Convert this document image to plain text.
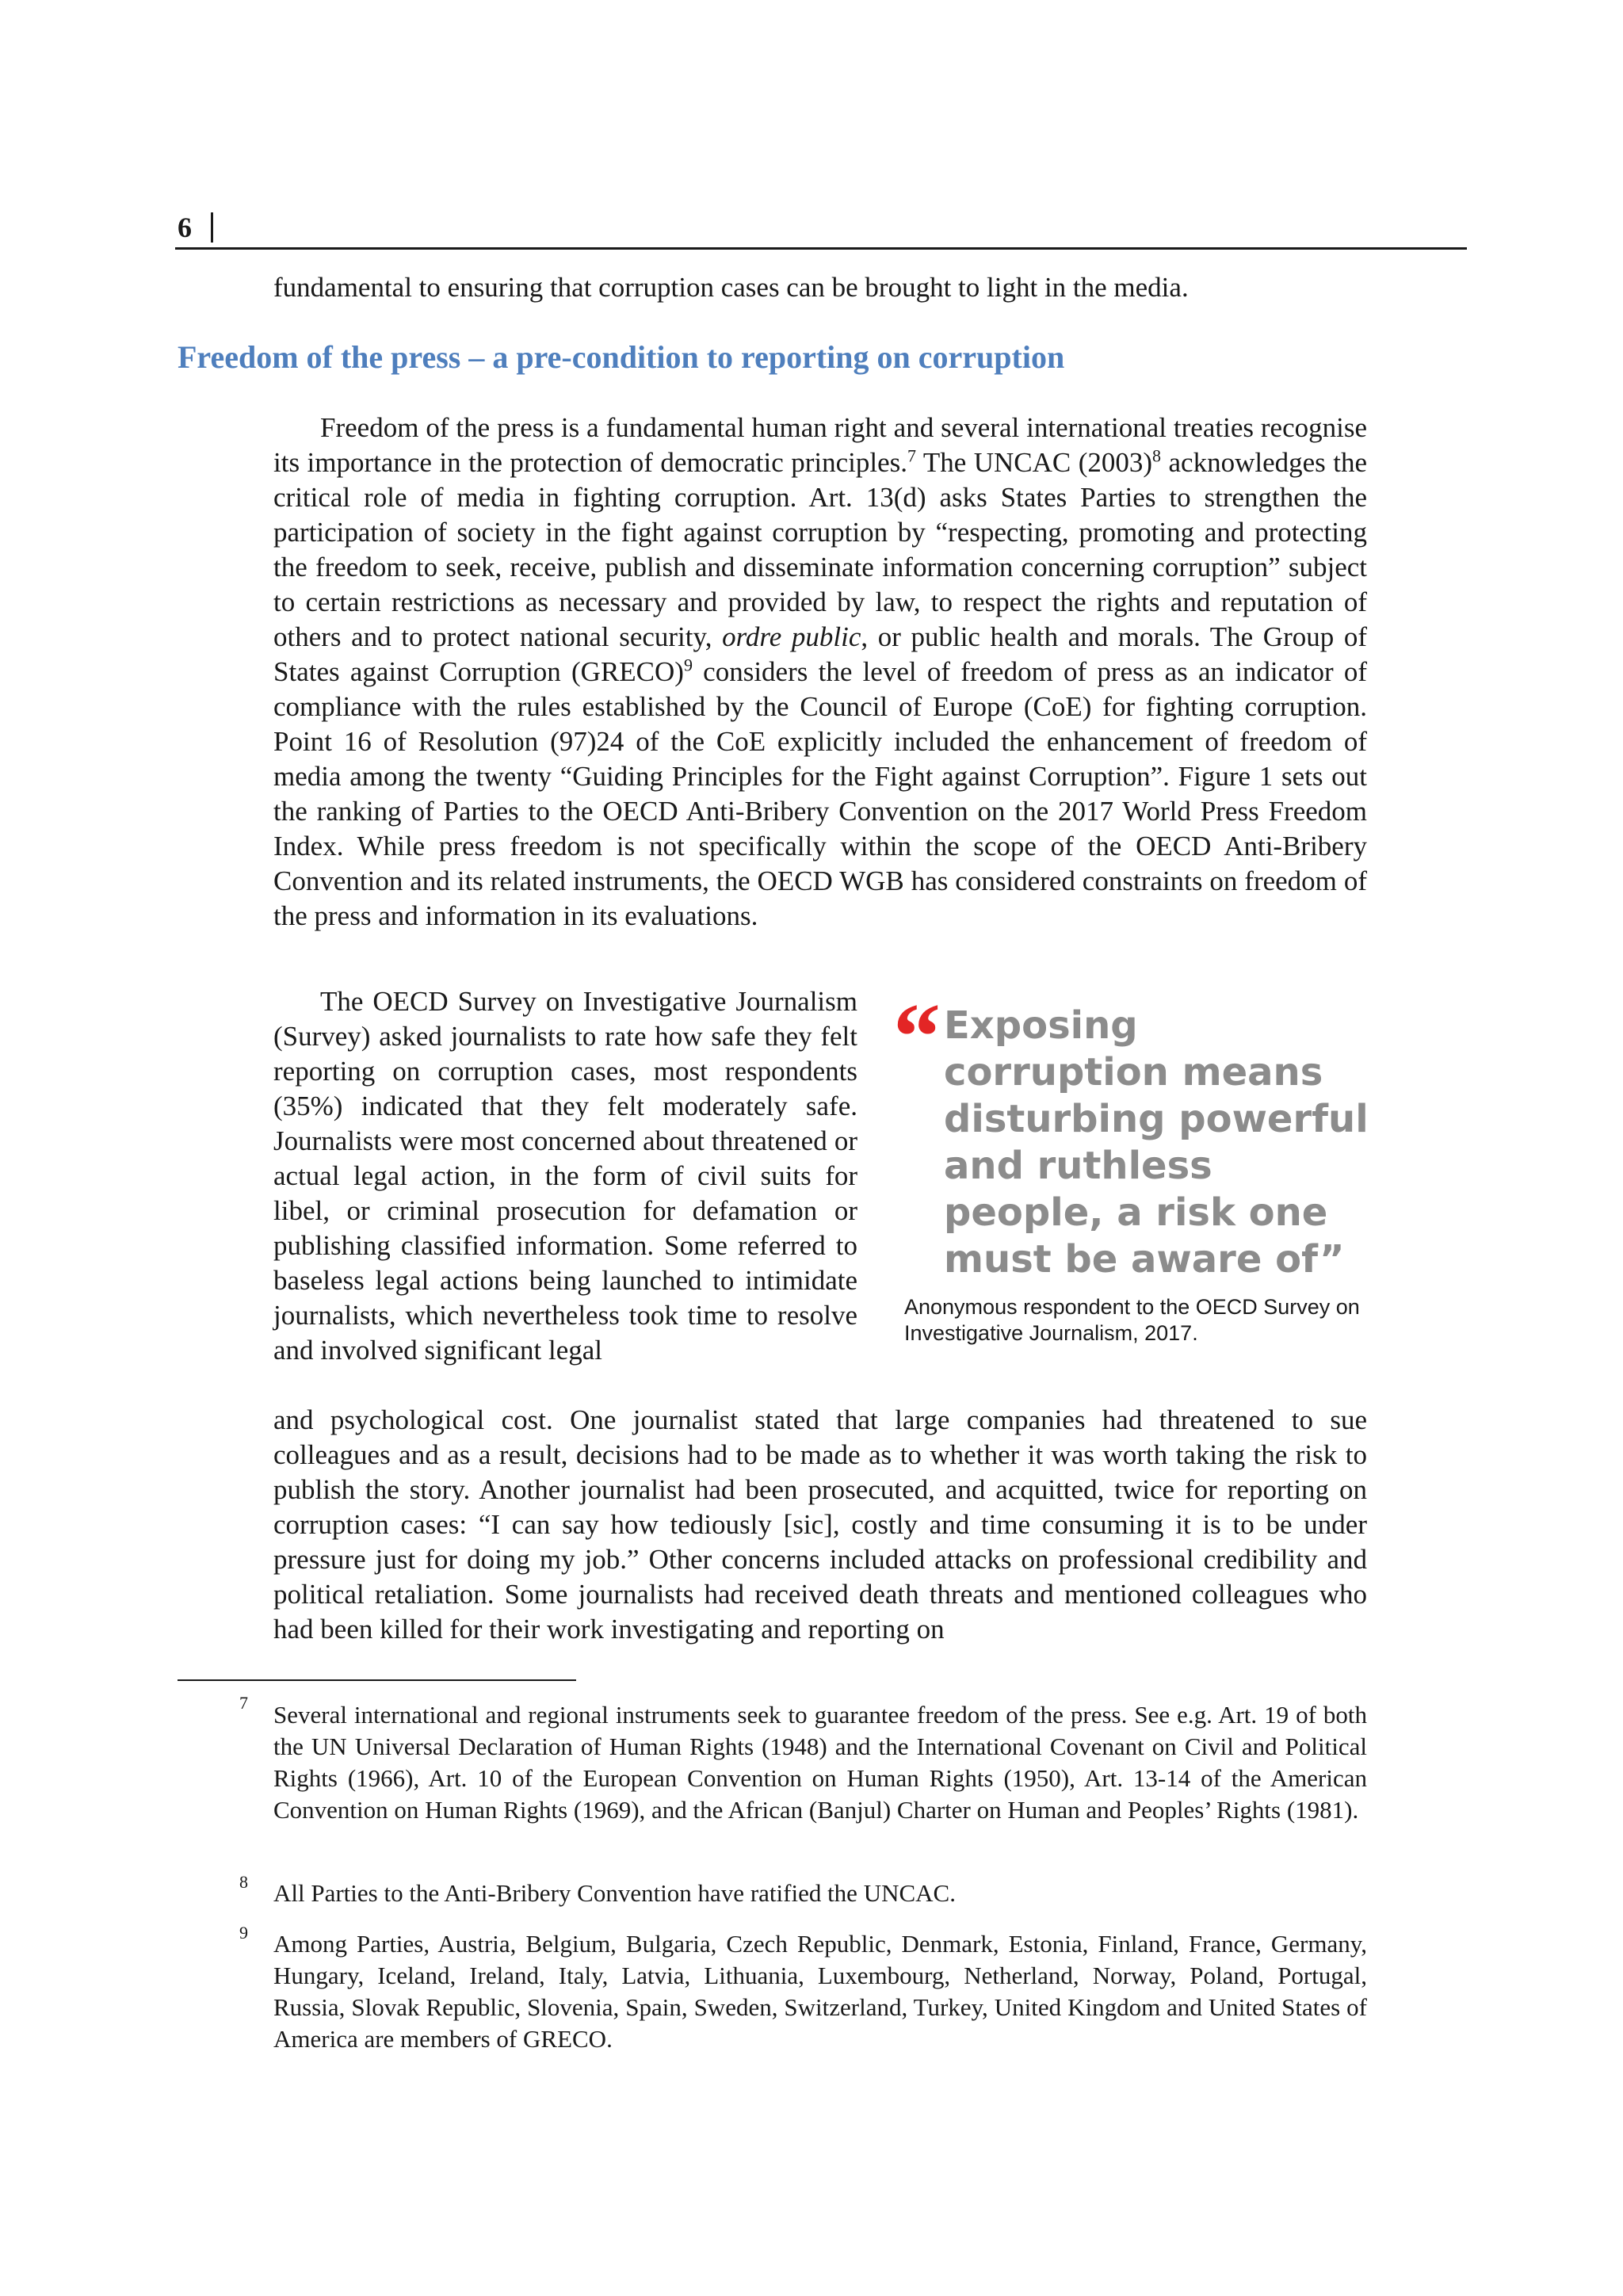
6

fundamental to ensuring that corruption cases can be brought to light in the media.

Freedom of the press – a pre-condition to reporting on corruption

Freedom of the press is a fundamental human right and several international treaties recognise its importance in the protection of democratic principles.$^7$ The UNCAC $(2003)^8$ acknowledges the critical role of media in fighting corruption. Art. 13(d) asks States Parties to strengthen the participation of society in the fight against corruption by “respecting, promoting and protecting the freedom to seek, receive, publish and disseminate information concerning corruption” subject to certain restrictions as necessary and provided by law, to respect the rights and reputation of others and to protect national security, ordre public, or public health and morals. The Group of States against Corruption (GRECO)$^9$ considers the level of freedom of press as an indicator of compliance with the rules established by the Council of Europe (CoE) for fighting corruption. Point 16 of Resolution (97)24 of the CoE explicitly included the enhancement of freedom of media among the twenty “Guiding Principles for the Fight against Corruption”. Figure 1 sets out the ranking of Parties to the OECD Anti-Bribery Convention on the 2017 World Press Freedom Index. While press freedom is not specifically within the scope of the OECD Anti-Bribery Convention and its related instruments, the OECD WGB has considered constraints on freedom of the press and information in its evaluations.

The OECD Survey on Investigative Journalism (Survey) asked journalists to rate how safe they felt reporting on corruption cases, most respondents (35%) indicated that they felt moderately safe. Journalists were most concerned about threatened or actual legal action, in the form of civil suits for libel, or criminal prosecution for defamation or publishing classified information. Some referred to baseless legal actions being launched to intimidate journalists, which nevertheless took time to resolve and involved significant legal

“ Exposing corruption means disturbing powerful and ruthless people, a risk one must be aware of”
Anonymous respondent to the OECD Survey on Investigative Journalism, 2017.

and psychological cost. One journalist stated that large companies had threatened to sue colleagues and as a result, decisions had to be made as to whether it was worth taking the risk to publish the story. Another journalist had been prosecuted, and acquitted, twice for reporting on corruption cases: “I can say how tediously [sic], costly and time consuming it is to be under pressure just for doing my job.” Other concerns included attacks on professional credibility and political retaliation. Some journalists had received death threats and mentioned colleagues who had been killed for their work investigating and reporting on

7 Several international and regional instruments seek to guarantee freedom of the press. See e.g. Art. 19 of both the UN Universal Declaration of Human Rights (1948) and the International Covenant on Civil and Political Rights (1966), Art. 10 of the European Convention on Human Rights (1950), Art. 13-14 of the American Convention on Human Rights (1969), and the African (Banjul) Charter on Human and Peoples’ Rights (1981).
8 All Parties to the Anti-Bribery Convention have ratified the UNCAC.
9 Among Parties, Austria, Belgium, Bulgaria, Czech Republic, Denmark, Estonia, Finland, France, Germany, Hungary, Iceland, Ireland, Italy, Latvia, Lithuania, Luxembourg, Netherland, Norway, Poland, Portugal, Russia, Slovak Republic, Slovenia, Spain, Sweden, Switzerland, Turkey, United Kingdom and United States of America are members of GRECO.
